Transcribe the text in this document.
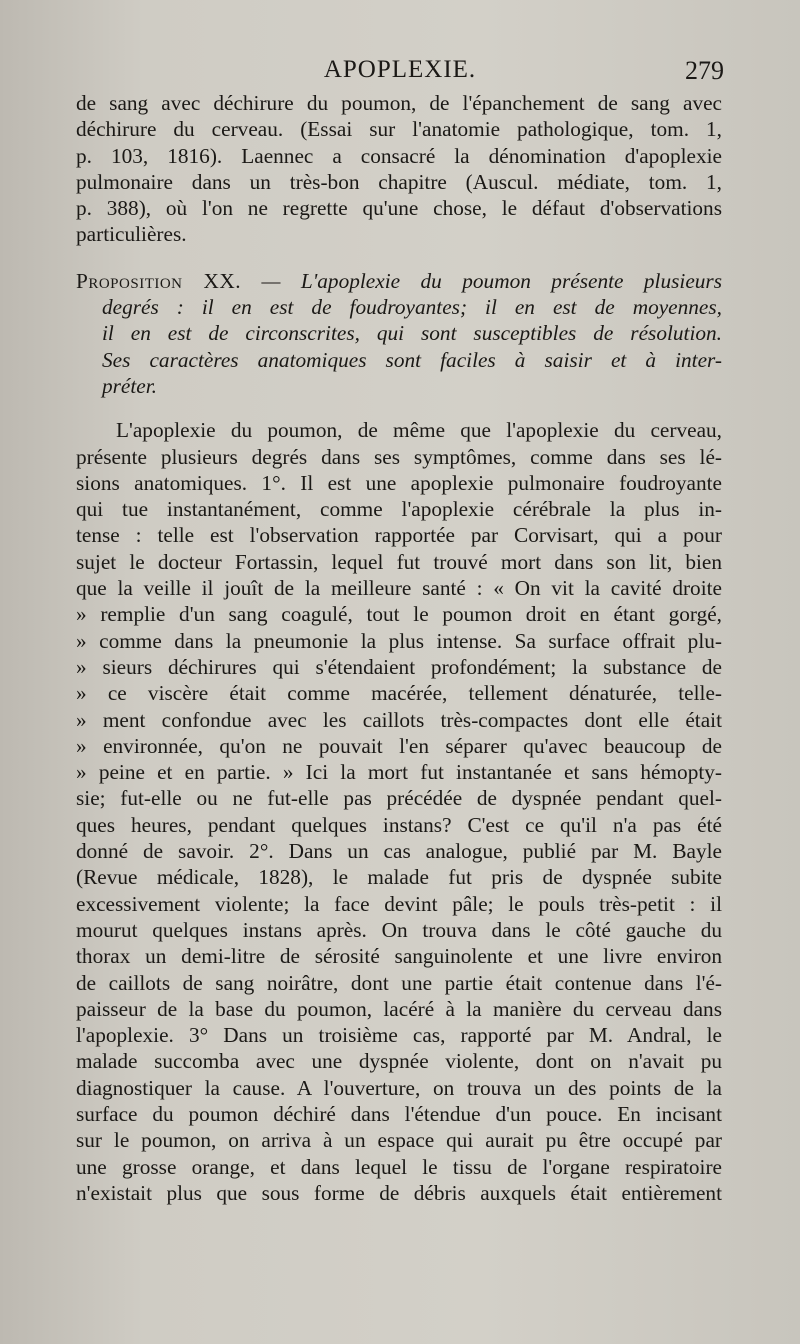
APOPLEXIE.	279
de sang avec déchirure du poumon, de l'épanchement de sang avec
déchirure du cerveau. (Essai sur l'anatomie pathologique, tom. 1,
p. 103, 1816). Laennec a consacré la dénomination d'apoplexie
pulmonaire dans un très-bon chapitre (Auscul. médiate, tom. 1,
p. 388), où l'on ne regrette qu'une chose, le défaut d'observations
particulières.
Proposition XX. — L'apoplexie du poumon présente plusieurs
degrés : il en est de foudroyantes; il en est de moyennes,
il en est de circonscrites, qui sont susceptibles de résolution.
Ses caractères anatomiques sont faciles à saisir et à inter-
préter.
L'apoplexie du poumon, de même que l'apoplexie du cerveau,
présente plusieurs degrés dans ses symptômes, comme dans ses lé-
sions anatomiques. 1°. Il est une apoplexie pulmonaire foudroyante
qui tue instantanément, comme l'apoplexie cérébrale la plus in-
tense : telle est l'observation rapportée par Corvisart, qui a pour
sujet le docteur Fortassin, lequel fut trouvé mort dans son lit, bien
que la veille il jouît de la meilleure santé : « On vit la cavité droite
» remplie d'un sang coagulé, tout le poumon droit en étant gorgé,
» comme dans la pneumonie la plus intense. Sa surface offrait plu-
» sieurs déchirures qui s'étendaient profondément; la substance de
» ce viscère était comme macérée, tellement dénaturée, telle-
» ment confondue avec les caillots très-compactes dont elle était
» environnée, qu'on ne pouvait l'en séparer qu'avec beaucoup de
» peine et en partie. » Ici la mort fut instantanée et sans hémopty-
sie; fut-elle ou ne fut-elle pas précédée de dyspnée pendant quel-
ques heures, pendant quelques instans? C'est ce qu'il n'a pas été
donné de savoir. 2°. Dans un cas analogue, publié par M. Bayle
(Revue médicale, 1828), le malade fut pris de dyspnée subite
excessivement violente; la face devint pâle; le pouls très-petit : il
mourut quelques instans après. On trouva dans le côté gauche du
thorax un demi-litre de sérosité sanguinolente et une livre environ
de caillots de sang noirâtre, dont une partie était contenue dans l'é-
paisseur de la base du poumon, lacéré à la manière du cerveau dans
l'apoplexie. 3° Dans un troisième cas, rapporté par M. Andral, le
malade succomba avec une dyspnée violente, dont on n'avait pu
diagnostiquer la cause. A l'ouverture, on trouva un des points de la
surface du poumon déchiré dans l'étendue d'un pouce. En incisant
sur le poumon, on arriva à un espace qui aurait pu être occupé par
une grosse orange, et dans lequel le tissu de l'organe respiratoire
n'existait plus que sous forme de débris auxquels était entièrement
